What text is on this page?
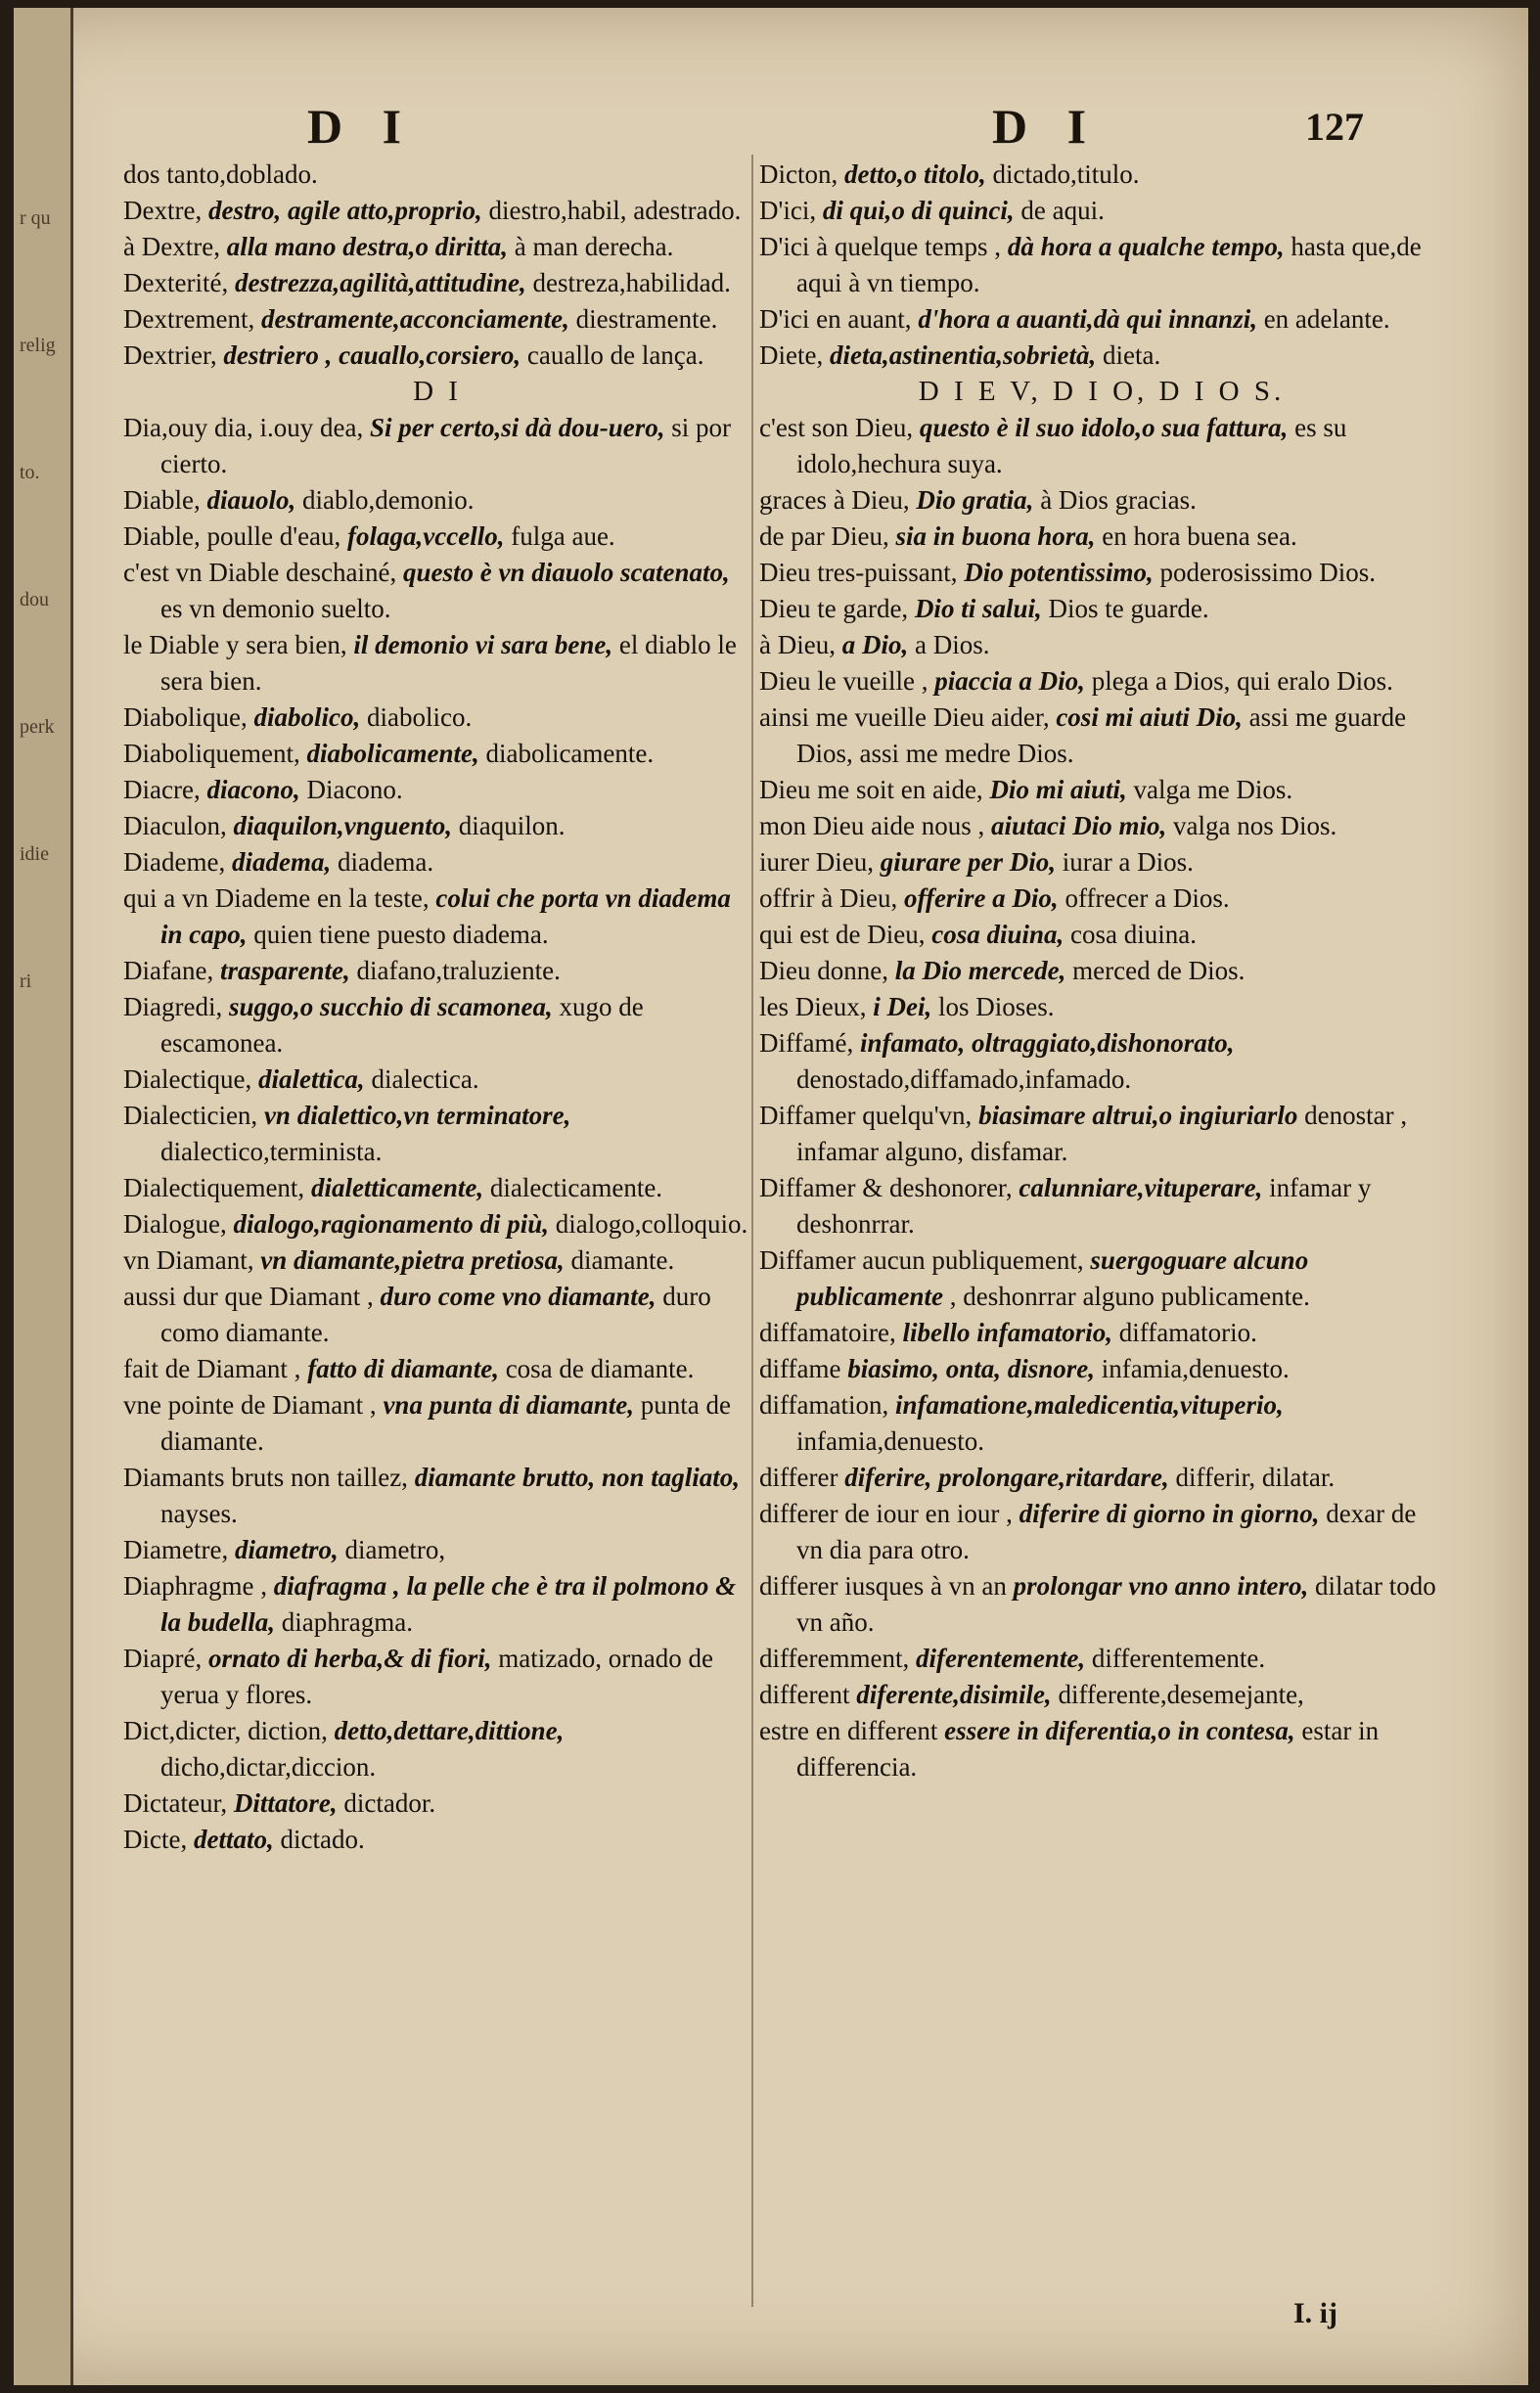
r qu
relig
to.
dou
perk
idie
ri
D I	D I	127

dos tanto,doblado.

Dextre, destro, agile atto,proprio, diestro,habil, adestrado.

à Dextre, alla mano destra,o diritta, à man derecha.

Dexterité, destrezza,agilità,attitudine, destreza,habilidad.

Dextrement, destramente,acconciamente, diestramente.

Dextrier, destriero , cauallo,corsiero, cauallo de lança.

D I

Dia,ouy dia, i.ouy dea, Si per certo,si dà dou-uero, si por cierto.

Diable, diauolo, diablo,demonio.

Diable, poulle d'eau, folaga,vccello, fulga aue.

c'est vn Diable deschainé, questo è vn diauolo scatenato, es vn demonio suelto.

le Diable y sera bien, il demonio vi sara bene, el diablo le sera bien.

Diabolique, diabolico, diabolico.

Diaboliquement, diabolicamente, diabolicamente.

Diacre, diacono, Diacono.

Diaculon, diaquilon,vnguento, diaquilon.

Diademe, diadema, diadema.

qui a vn Diademe en la teste, colui che porta vn diadema in capo, quien tiene puesto diadema.

Diafane, trasparente, diafano,traluziente.

Diagredi, suggo,o succhio di scamonea, xugo de escamonea.

Dialectique, dialettica, dialectica.

Dialecticien, vn dialettico,vn terminatore, dialectico,terminista.

Dialectiquement, dialetticamente, dialecticamente.

Dialogue, dialogo,ragionamento di più, dialogo,colloquio.

vn Diamant, vn diamante,pietra pretiosa, diamante.

aussi dur que Diamant , duro come vno diamante, duro como diamante.

fait de Diamant , fatto di diamante, cosa de diamante.

vne pointe de Diamant , vna punta di diamante, punta de diamante.

Diamants bruts non taillez, diamante brutto, non tagliato, nayses.

Diametre, diametro, diametro,

Diaphragme , diafragma , la pelle che è tra il polmono & la budella, diaphragma.

Diapré, ornato di herba,& di fiori, matizado, ornado de yerua y flores.

Dict,dicter, diction, detto,dettare,dittione, dicho,dictar,diccion.

Dictateur, Dittatore, dictador.

Dicte, dettato, dictado.

Dicton, detto,o titolo, dictado,titulo.

D'ici, di qui,o di quinci, de aqui.

D'ici à quelque temps , dà hora a qualche tempo, hasta que,de aqui à vn tiempo.

D'ici en auant, d'hora a auanti,dà qui innanzi, en adelante.

Diete, dieta,astinentia,sobrietà, dieta.

D I E V, D I O, D I O S.

c'est son Dieu, questo è il suo idolo,o sua fattura, es su idolo,hechura suya.

graces à Dieu, Dio gratia, à Dios gracias.

de par Dieu, sia in buona hora, en hora buena sea.

Dieu tres-puissant, Dio potentissimo, poderosissimo Dios.

Dieu te garde, Dio ti salui, Dios te guarde.

à Dieu, a Dio, a Dios.

Dieu le vueille , piaccia a Dio, plega a Dios, qui eralo Dios.

ainsi me vueille Dieu aider, cosi mi aiuti Dio, assi me guarde Dios, assi me medre Dios.

Dieu me soit en aide, Dio mi aiuti, valga me Dios.

mon Dieu aide nous , aiutaci Dio mio, valga nos Dios.

iurer Dieu, giurare per Dio, iurar a Dios.

offrir à Dieu, offerire a Dio, offrecer a Dios.

qui est de Dieu, cosa diuina, cosa diuina.

Dieu donne, la Dio mercede, merced de Dios.

les Dieux, i Dei, los Dioses.

Diffamé, infamato, oltraggiato,dishonorato, denostado,diffamado,infamado.

Diffamer quelqu'vn, biasimare altrui,o ingiuriarlo denostar , infamar alguno, disfamar.

Diffamer & deshonorer, calunniare,vituperare, infamar y deshonrrar.

Diffamer aucun publiquement, suergoguare alcuno publicamente , deshonrrar alguno publicamente.

diffamatoire, libello infamatorio, diffamatorio.

diffame biasimo, onta, disnore, infamia,denuesto.

diffamation, infamatione,maledicentia,vituperio, infamia,denuesto.

differer diferire, prolongare,ritardare, differir, dilatar.

differer de iour en iour , diferire di giorno in giorno, dexar de vn dia para otro.

differer iusques à vn an prolongar vno anno intero, dilatar todo vn año.

differemment, diferentemente, differentemente.

different diferente,disimile, differente,desemejante,

estre en different essere in diferentia,o in contesa, estar in differencia.

I. ij
